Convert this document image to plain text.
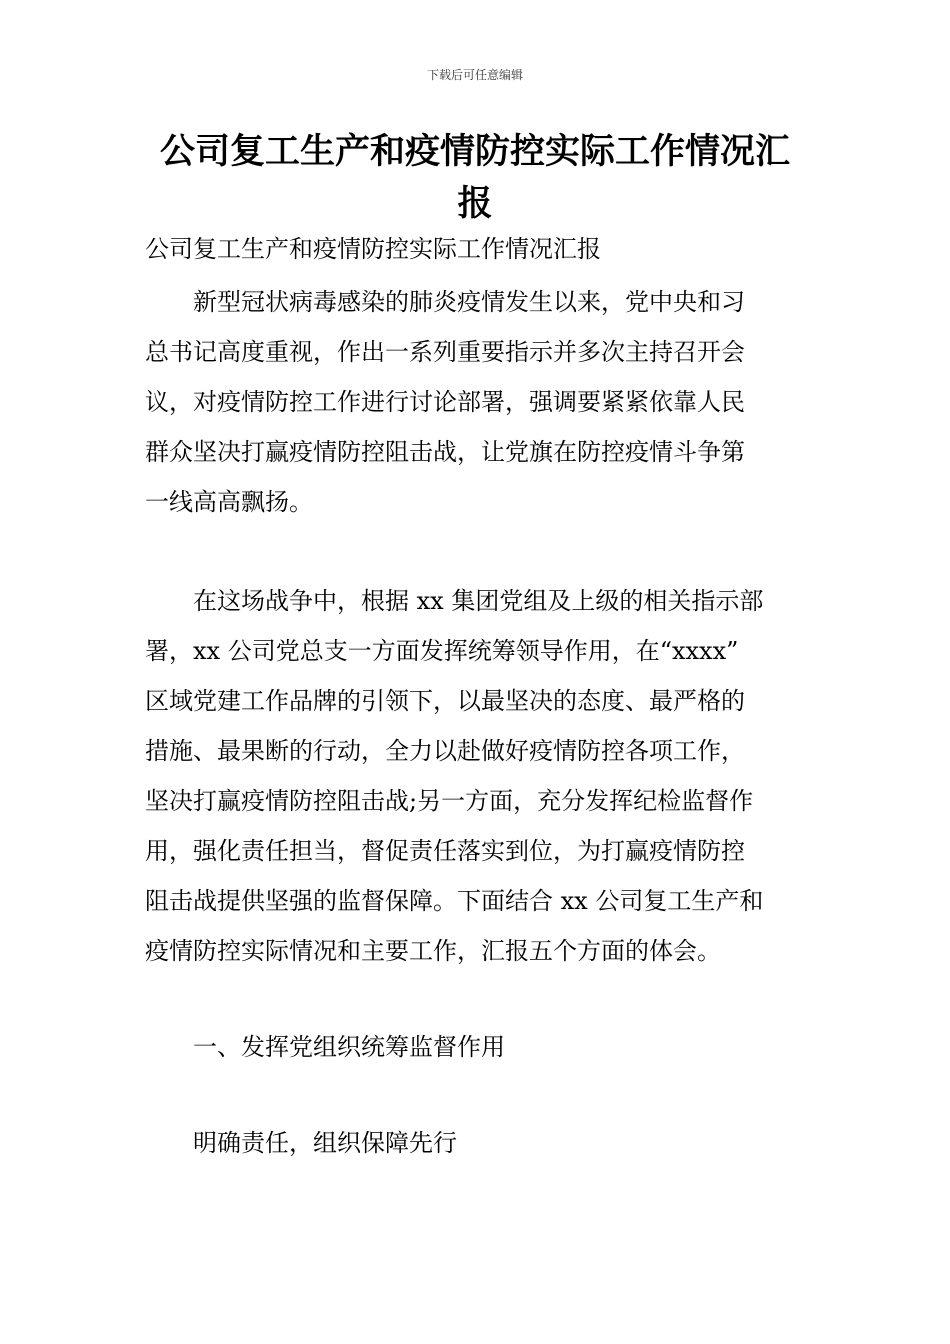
下载后可任意编辑
公司复工生产和疫情防控实际工作情况汇
报
公司复工生产和疫情防控实际工作情况汇报
新型冠状病毒感染的肺炎疫情发生以来，党中央和习
总书记高度重视，作出一系列重要指示并多次主持召开会
议，对疫情防控工作进行讨论部署，强调要紧紧依靠人民
群众坚决打赢疫情防控阻击战，让党旗在防控疫情斗争第
一线高高飘扬。
在这场战争中，根据 xx 集团党组及上级的相关指示部
署，xx 公司党总支一方面发挥统筹领导作用，在“xxxx”
区域党建工作品牌的引领下，以最坚决的态度、最严格的
措施、最果断的行动，全力以赴做好疫情防控各项工作，
坚决打赢疫情防控阻击战;另一方面，充分发挥纪检监督作
用，强化责任担当，督促责任落实到位，为打赢疫情防控
阻击战提供坚强的监督保障。下面结合 xx 公司复工生产和
疫情防控实际情况和主要工作，汇报五个方面的体会。
一、发挥党组织统筹监督作用
明确责任，组织保障先行
